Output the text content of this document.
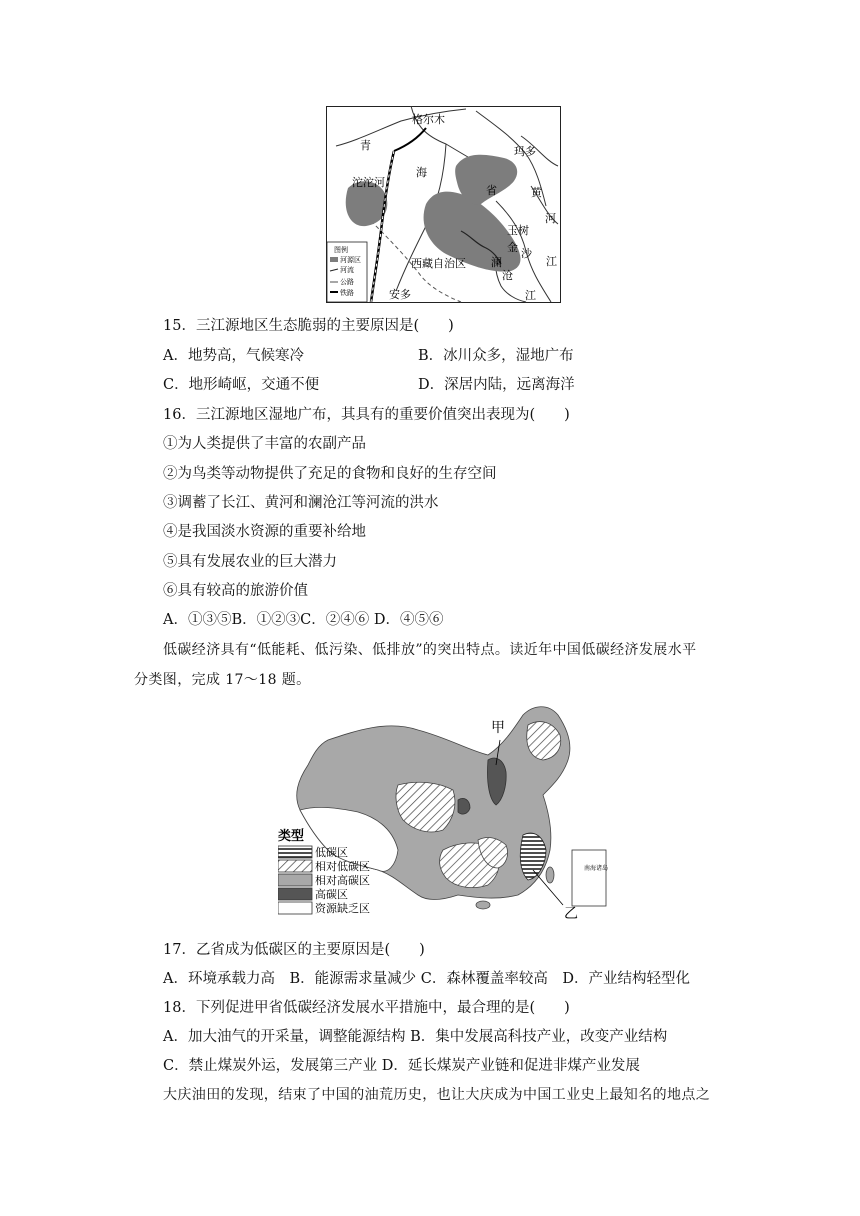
图例
河源区
河流
公路
铁路
格尔木
青
海
省
沱沱河
玛多
黄
河
玉树
金 沙
江
西藏自治区 澜
沧
江
安多
15．三江源地区生态脆弱的主要原因是(　　)
A．地势高，气候寒冷	B．冰川众多，湿地广布
C．地形崎岖，交通不便	D．深居内陆，远离海洋
16．三江源地区湿地广布，其具有的重要价值突出表现为(　　)
①为人类提供了丰富的农副产品
②为鸟类等动物提供了充足的食物和良好的生存空间
③调蓄了长江、黄河和澜沧江等河流的洪水
④是我国淡水资源的重要补给地
⑤具有发展农业的巨大潜力
⑥具有较高的旅游价值
A．①③⑤B．①②③C．②④⑥ D．④⑤⑥
低碳经济具有“低能耗、低污染、低排放”的突出特点。读近年中国低碳经济发展水平
分类图，完成 17～18 题。
甲
乙
南海诸岛
类型
低碳区
相对低碳区
相对高碳区
高碳区
资源缺乏区
17．乙省成为低碳区的主要原因是(　　)
A．环境承载力高　B．能源需求量减少 C．森林覆盖率较高　D．产业结构轻型化
18．下列促进甲省低碳经济发展水平措施中，最合理的是(　　)
A．加大油气的开采量，调整能源结构 B．集中发展高科技产业，改变产业结构
C．禁止煤炭外运，发展第三产业 D．延长煤炭产业链和促进非煤产业发展
大庆油田的发现，结束了中国的油荒历史，也让大庆成为中国工业史上最知名的地点之
